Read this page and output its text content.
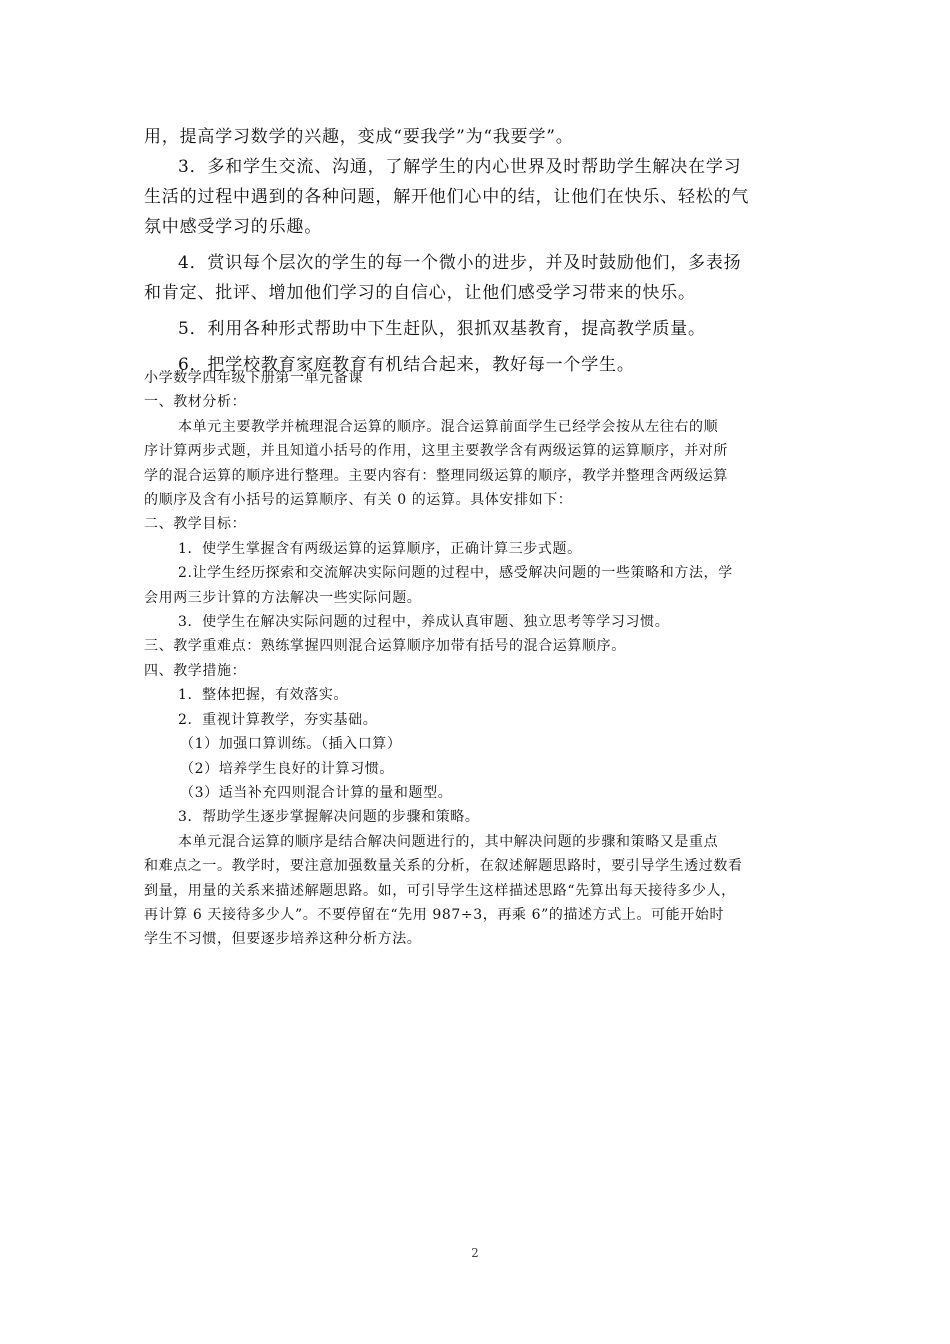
用，提高学习数学的兴趣，变成“要我学”为“我要学”。

3．多和学生交流、沟通，了解学生的内心世界及时帮助学生解决在学习

生活的过程中遇到的各种问题，解开他们心中的结，让他们在快乐、轻松的气

氛中感受学习的乐趣。

4．赏识每个层次的学生的每一个微小的进步，并及时鼓励他们，多表扬

和肯定、批评、增加他们学习的自信心，让他们感受学习带来的快乐。

5．利用各种形式帮助中下生赶队，狠抓双基教育，提高教学质量。

6．把学校教育家庭教育有机结合起来，教好每一个学生。

小学数学四年级下册第一单元备课

一、教材分析：

本单元主要教学并梳理混合运算的顺序。混合运算前面学生已经学会按从左往右的顺

序计算两步式题，并且知道小括号的作用，这里主要教学含有两级运算的运算顺序，并对所

学的混合运算的顺序进行整理。主要内容有：整理同级运算的顺序，教学并整理含两级运算

的顺序及含有小括号的运算顺序、有关 0 的运算。具体安排如下：

二、教学目标：

1．使学生掌握含有两级运算的运算顺序，正确计算三步式题。

2.让学生经历探索和交流解决实际问题的过程中，感受解决问题的一些策略和方法，学

会用两三步计算的方法解决一些实际问题。

3．使学生在解决实际问题的过程中，养成认真审题、独立思考等学习习惯。

三、教学重难点：熟练掌握四则混合运算顺序加带有括号的混合运算顺序。

四、教学措施：

1．整体把握，有效落实。

2．重视计算教学，夯实基础。

（1）加强口算训练。（插入口算）

（2）培养学生良好的计算习惯。

（3）适当补充四则混合计算的量和题型。

3．帮助学生逐步掌握解决问题的步骤和策略。

本单元混合运算的顺序是结合解决问题进行的，其中解决问题的步骤和策略又是重点

和难点之一。教学时，要注意加强数量关系的分析，在叙述解题思路时，要引导学生透过数看

到量，用量的关系来描述解题思路。如，可引导学生这样描述思路“先算出每天接待多少人，

再计算 6 天接待多少人”。不要停留在“先用 987÷3，再乘 6”的描述方式上。可能开始时

学生不习惯，但要逐步培养这种分析方法。

2
